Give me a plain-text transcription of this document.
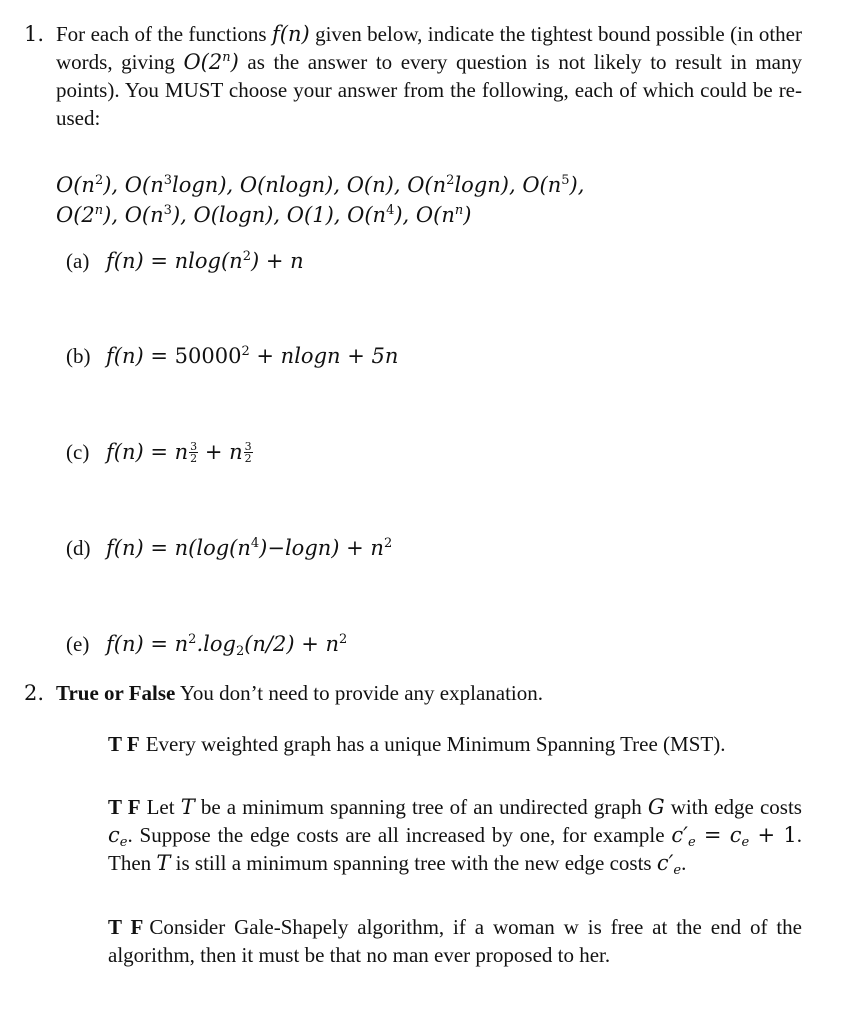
1. For each of the functions f(n) given below, indicate the tightest bound possible (in other words, giving O(2$^n$) as the answer to every question is not likely to result in many points). You MUST choose your answer from the following, each of which could be re-used:
$O(n^2)$, $O(n^3\log n)$, O(nlogn), O(n), $O(n^2\log n)$, $O(n^5)$,
O(2$^n$), $O(n^3)$, O(logn), O(1), $O(n^4)$, $O(n^n)$
(a) $f(n) = nlog(n^2) + n$
(b) $f(n) = 50000^2 + nlogn + 5n$
(c) f(n) = n $\frac{3}{2} + n \frac{3}{2}$
(d) $f(n) = n(\log(n^4)-\log n) + n^2$
(e) $f(n) = n^2.\log_2(n/2) + n^2$
2. True or False You don’t need to provide any explanation.
T F Every weighted graph has a unique Minimum Spanning Tree (MST).
T F Let T be a minimum spanning tree of an undirected graph G with edge costs $c_e$. Suppose the edge costs are all increased by one, for example $c'_e = c_e + 1$. Then T is still a minimum spanning tree with the new edge costs $c'_e$.
T F Consider Gale-Shapely algorithm, if a woman w is free at the end of the algorithm, then it must be that no man ever proposed to her.
